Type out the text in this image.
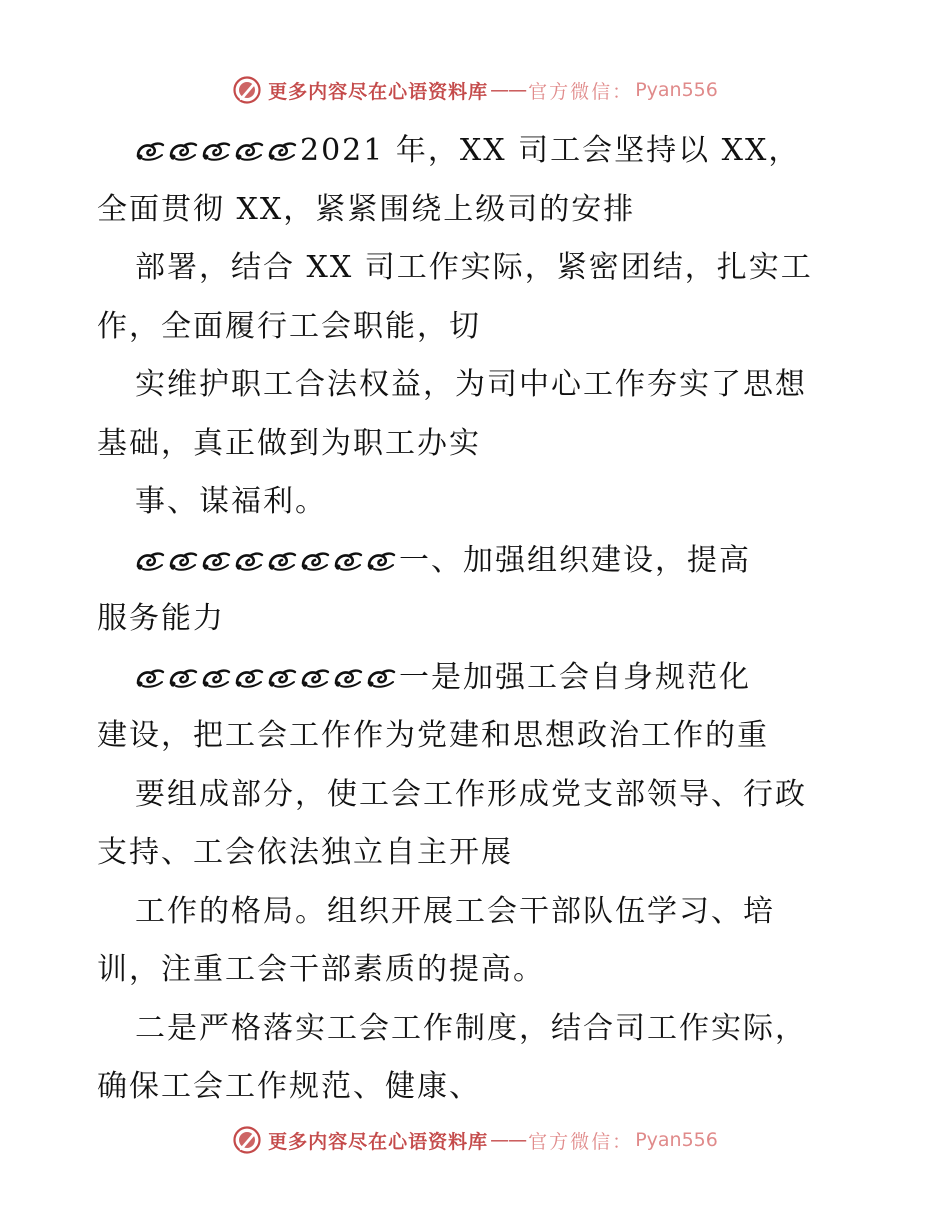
更多内容尽在心语资料库 —— 官方微信： Pyan556

2021 年，XX 司工会坚持以 XX，

全面贯彻 XX，紧紧围绕上级司的安排

部署，结合 XX 司工作实际，紧密团结，扎实工

作，全面履行工会职能，切

实维护职工合法权益，为司中心工作夯实了思想

基础，真正做到为职工办实

事、谋福利。

一、加强组织建设，提高

服务能力

一是加强工会自身规范化

建设，把工会工作作为党建和思想政治工作的重

要组成部分，使工会工作形成党支部领导、行政

支持、工会依法独立自主开展

工作的格局。组织开展工会干部队伍学习、培

训，注重工会干部素质的提高。

二是严格落实工会工作制度，结合司工作实际，

确保工会工作规范、健康、

更多内容尽在心语资料库 —— 官方微信： Pyan556
